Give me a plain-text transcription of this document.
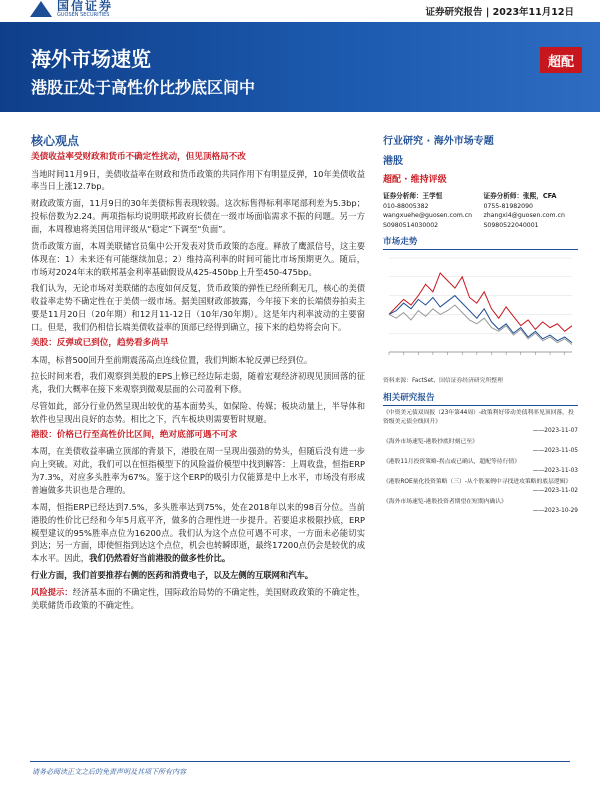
国信证券
GUOSEN SECURITIES	证券研究报告 | 2023年11月12日
海外市场速览
港股正处于高性价比抄底区间中
超配
核心观点
美债收益率受财政和货币不确定性扰动，但见顶格局不改

当地时间11月9日，美债收益率在财政和货币政策的共同作用下有明显反弹，10年美债收益率当日上涨12.7bp。

财政政策方面，11月9日的30年美债标售表现较弱。这次标售得标利率尾部利差为5.3bp；投标倍数为2.24。两项指标均说明联邦政府长债在一级市场面临需求不振的问题。另一方面，本周穆迪将美国信用评级从“稳定”下调至“负面”。

货币政策方面，本周美联储官员集中公开发表对货币政策的态度。释放了鹰派信号，这主要体现在：1）未来还有可能继续加息；2）维持高利率的时间可能比市场预期更久。随后，市场对2024年末的联邦基金利率基础假设从425-450bp上升至450-475bp。

我们认为，无论市场对美联储的态度如何反复，货币政策的弹性已经所剩无几，核心的美债收益率走势不确定性在于美债一级市场。据美国财政部披露，今年接下来的长端债券拍卖主要是11月20日（20年期）和12月11-12日（10年/30年期）。这是年内利率波动的主要窗口。但是，我们仍相信长端美债收益率的顶部已经得到确立，接下来的趋势将会向下。

美股：反弹或已到位，趋势看多尚早

本周，标普500回升至前期震荡高点连线位置，我们判断本轮反弹已经到位。

拉长时间来看，我们观察到美股的EPS上修已经边际走弱，随着宏观经济初现见顶回落的征兆，我们大概率在接下来观察到微观层面的公司盈利下修。

尽管如此，部分行业仍然呈现出较优的基本面势头，如保险、传媒；板块动量上，半导体和软件也呈现出良好的态势。相比之下，汽车板块则需要暂时规避。

港股：价格已行至高性价比区间，绝对底部可遇不可求

本周，在美债收益率确立顶部的背景下，港股在周一呈现出强劲的势头，但随后没有进一步向上突破。对此，我们可以在恒指模型下的风险溢价模型中找到解答：上周收盘，恒指ERP为7.3%，对应多头胜率为67%。鉴于这个ERP的吸引力仅能算是中上水平，市场没有形成普遍做多共识也是合理的。

本周，恒指ERP已经达到7.5%，多头胜率达到75%，处在2018年以来的98百分位。当前港股的性价比已经和今年5月底平齐，做多的合理性进一步提升。若要追求极限抄底，ERP模型建议的95%胜率点位为16200点。我们认为这个点位可遇不可求，一方面未必能切实到达；另一方面，即使恒指到达这个点位，机会也转瞬即逝，最终17200点仍会是较优的成本水平。因此，我们仍然看好当前港股的做多性价比。

行业方面，我们首要推荐右侧的医药和消费电子，以及左侧的互联网和汽车。

风险提示：经济基本面的不确定性，国际政治局势的不确定性，美国财政政策的不确定性，美联储货币政策的不确定性。

行业研究 · 海外市场专题
港股
超配 · 维持评级
证券分析师：王学恒
010-88005382
wangxuehe@guosen.com.cn
S0980514030002
证券分析师：张熙，CFA
0755-81982090
zhangxi4@guosen.com.cn
S0980522040001
市场走势
资料来源：FactSet、国信证券经济研究所整理
相关研究报告
《中资美元债双周报（23年第44周）-政策利好带动美债利率见顶回落，投资级美元债全线回升》
——2023-11-07
《海外市场速览-港股抄底时刻已至》
——2023-11-05
《港股11月投资策略-拐点或已确认，超配等待行情》
——2023-11-03
《港股ROE量化投资策略（三）-从个股案例中寻找进攻策略的底层逻辑》
——2023-11-02
《海外市场速览-港股投资者期望在短期内确认》
——2023-10-29
请务必阅读正文之后的免责声明及其项下所有内容
